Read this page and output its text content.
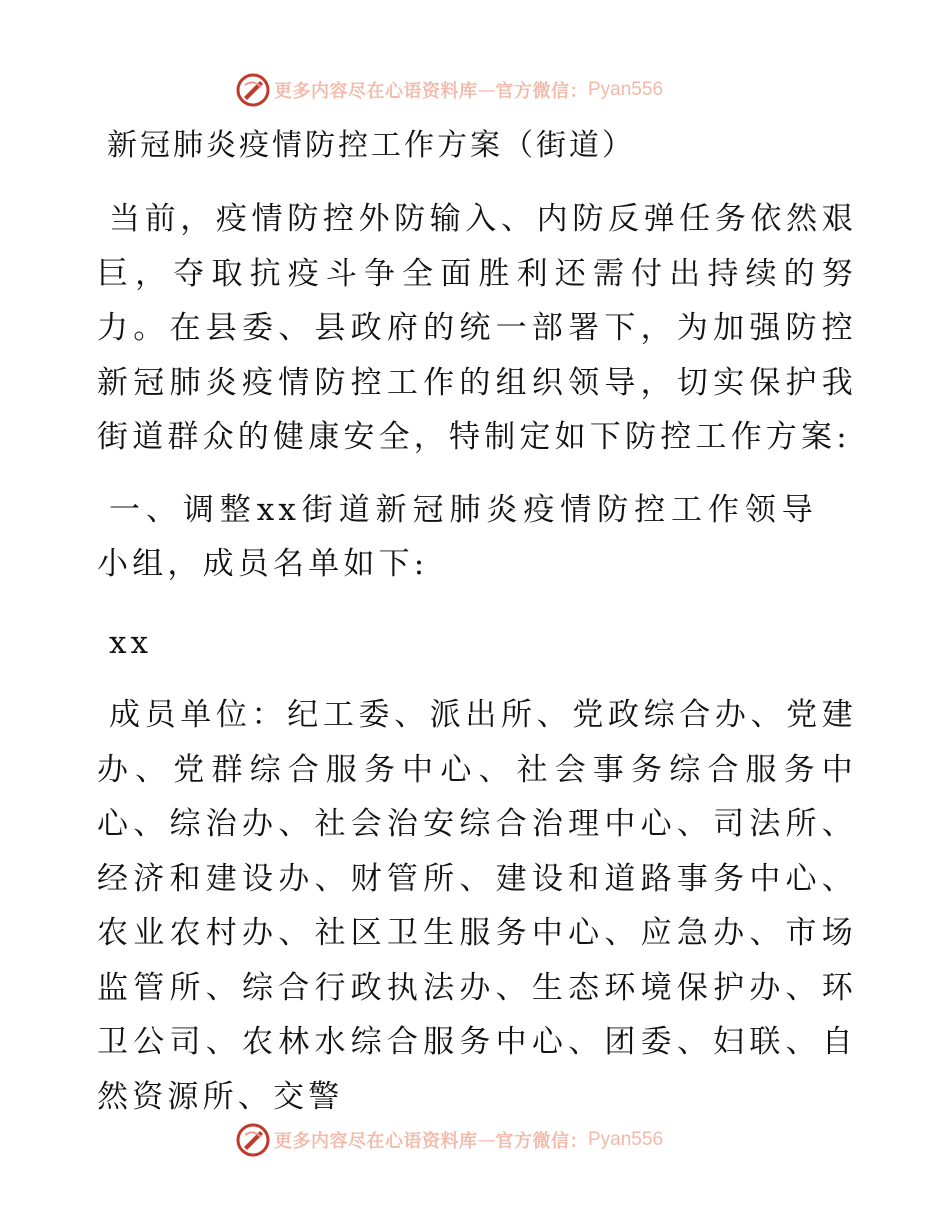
更多内容尽在心语资料库 — 官方微信： Pyan556
新冠肺炎疫情防控工作方案（街道）

当前，疫情防控外防输入、内防反弹任务依然艰巨，夺取抗疫斗争全面胜利还需付出持续的努力。在县委、县政府的统一部署下，为加强防控新冠肺炎疫情防控工作的组织领导，切实保护我街道群众的健康安全，特制定如下防控工作方案:

一、调整xx街道新冠肺炎疫情防控工作领导小组，成员名单如下:

xx

成员单位：纪工委、派出所、党政综合办、党建办、党群综合服务中心、社会事务综合服务中心、综治办、社会治安综合治理中心、司法所、经济和建设办、财管所、建设和道路事务中心、农业农村办、社区卫生服务中心、应急办、市场监管所、综合行政执法办、生态环境保护办、环卫公司、农林水综合服务中心、团委、妇联、自然资源所、交警

更多内容尽在心语资料库 — 官方微信： Pyan556
